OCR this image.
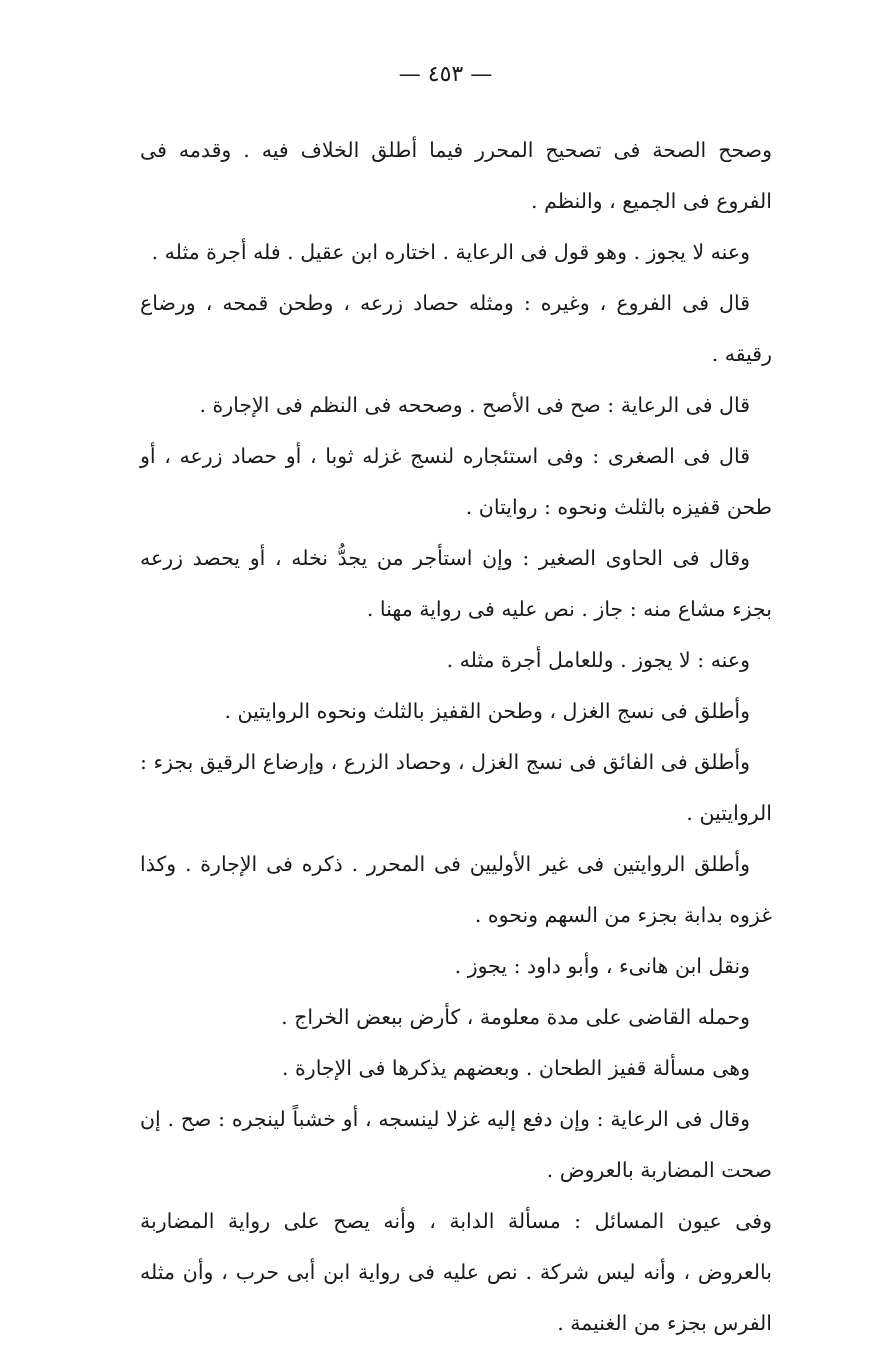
— ٤٥٣ —

وصحح الصحة فى تصحيح المحرر فيما أطلق الخلاف فيه . وقدمه فى الفروع فى الجميع ، والنظم .

وعنه لا يجوز . وهو قول فى الرعاية . اختاره ابن عقيل . فله أجرة مثله .

قال فى الفروع ، وغيره : ومثله حصاد زرعه ، وطحن قمحه ، ورضاع رقيقه .

قال فى الرعاية : صح فى الأصح . وصححه فى النظم فى الإجارة .

قال فى الصغرى : وفى استئجاره لنسج غزله ثوبا ، أو حصاد زرعه ، أو طحن قفيزه بالثلث ونحوه : روايتان .

وقال فى الحاوى الصغير : وإن استأجر من يجدُّ نخله ، أو يحصد زرعه بجزء مشاع منه : جاز . نص عليه فى رواية مهنا .

وعنه : لا يجوز . وللعامل أجرة مثله .

وأطلق فى نسج الغزل ، وطحن القفيز بالثلث ونحوه الروايتين .

وأطلق فى الفائق فى نسج الغزل ، وحصاد الزرع ، وإرضاع الرقيق بجزء : الروايتين .

وأطلق الروايتين فى غير الأوليين فى المحرر . ذكره فى الإجارة . وكذا غزوه بدابة بجزء من السهم ونحوه .

ونقل ابن هانىء ، وأبو داود : يجوز .

وحمله القاضى على مدة معلومة ، كأرض ببعض الخراج .

وهى مسألة قفيز الطحان . وبعضهم يذكرها فى الإجارة .

وقال فى الرعاية : وإن دفع إليه غزلا لينسجه ، أو خشباً لينجره : صح . إن صحت المضاربة بالعروض .

وفى عيون المسائل : مسألة الدابة ، وأنه يصح على رواية المضاربة بالعروض ، وأنه ليس شركة . نص عليه فى رواية ابن أبى حرب ، وأن مثله الفرس بجزء من الغنيمة .
